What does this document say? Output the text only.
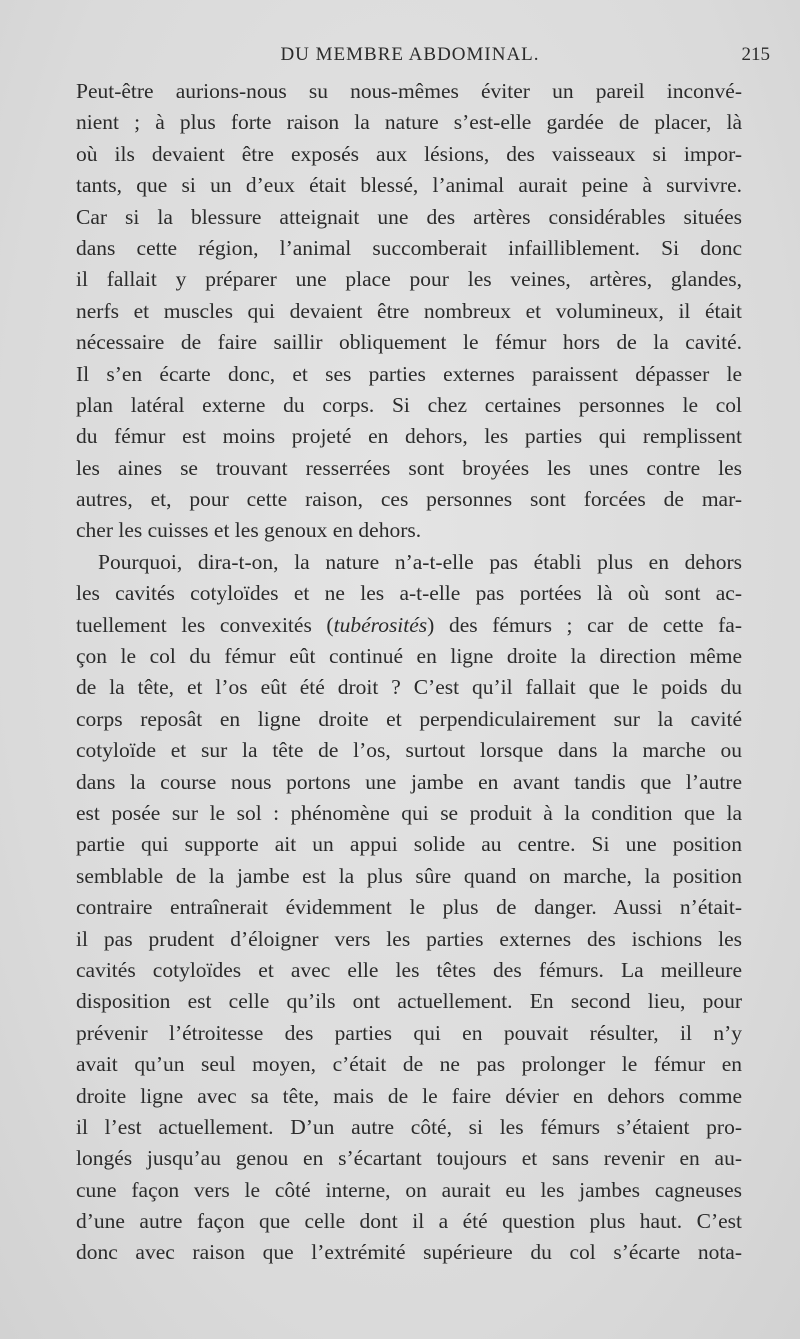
DU MEMBRE ABDOMINAL.	215
Peut-être aurions-nous su nous-mêmes éviter un pareil inconvé-
nient ; à plus forte raison la nature s’est-elle gardée de placer, là
où ils devaient être exposés aux lésions, des vaisseaux si impor-
tants, que si un d’eux était blessé, l’animal aurait peine à survivre.
Car si la blessure atteignait une des artères considérables situées
dans cette région, l’animal succomberait infailliblement. Si donc
il fallait y préparer une place pour les veines, artères, glandes,
nerfs et muscles qui devaient être nombreux et volumineux, il était
nécessaire de faire saillir obliquement le fémur hors de la cavité.
Il s’en écarte donc, et ses parties externes paraissent dépasser le
plan latéral externe du corps. Si chez certaines personnes le col
du fémur est moins projeté en dehors, les parties qui remplissent
les aines se trouvant resserrées sont broyées les unes contre les
autres, et, pour cette raison, ces personnes sont forcées de mar-
cher les cuisses et les genoux en dehors.
Pourquoi, dira-t-on, la nature n’a-t-elle pas établi plus en dehors
les cavités cotyloïdes et ne les a-t-elle pas portées là où sont ac-
tuellement les convexités (tubérosités) des fémurs ; car de cette fa-
çon le col du fémur eût continué en ligne droite la direction même
de la tête, et l’os eût été droit ? C’est qu’il fallait que le poids du
corps reposât en ligne droite et perpendiculairement sur la cavité
cotyloïde et sur la tête de l’os, surtout lorsque dans la marche ou
dans la course nous portons une jambe en avant tandis que l’autre
est posée sur le sol : phénomène qui se produit à la condition que la
partie qui supporte ait un appui solide au centre. Si une position
semblable de la jambe est la plus sûre quand on marche, la position
contraire entraînerait évidemment le plus de danger. Aussi n’était-
il pas prudent d’éloigner vers les parties externes des ischions les
cavités cotyloïdes et avec elle les têtes des fémurs. La meilleure
disposition est celle qu’ils ont actuellement. En second lieu, pour
prévenir l’étroitesse des parties qui en pouvait résulter, il n’y
avait qu’un seul moyen, c’était de ne pas prolonger le fémur en
droite ligne avec sa tête, mais de le faire dévier en dehors comme
il l’est actuellement. D’un autre côté, si les fémurs s’étaient pro-
longés jusqu’au genou en s’écartant toujours et sans revenir en au-
cune façon vers le côté interne, on aurait eu les jambes cagneuses
d’une autre façon que celle dont il a été question plus haut. C’est
donc avec raison que l’extrémité supérieure du col s’écarte nota-
